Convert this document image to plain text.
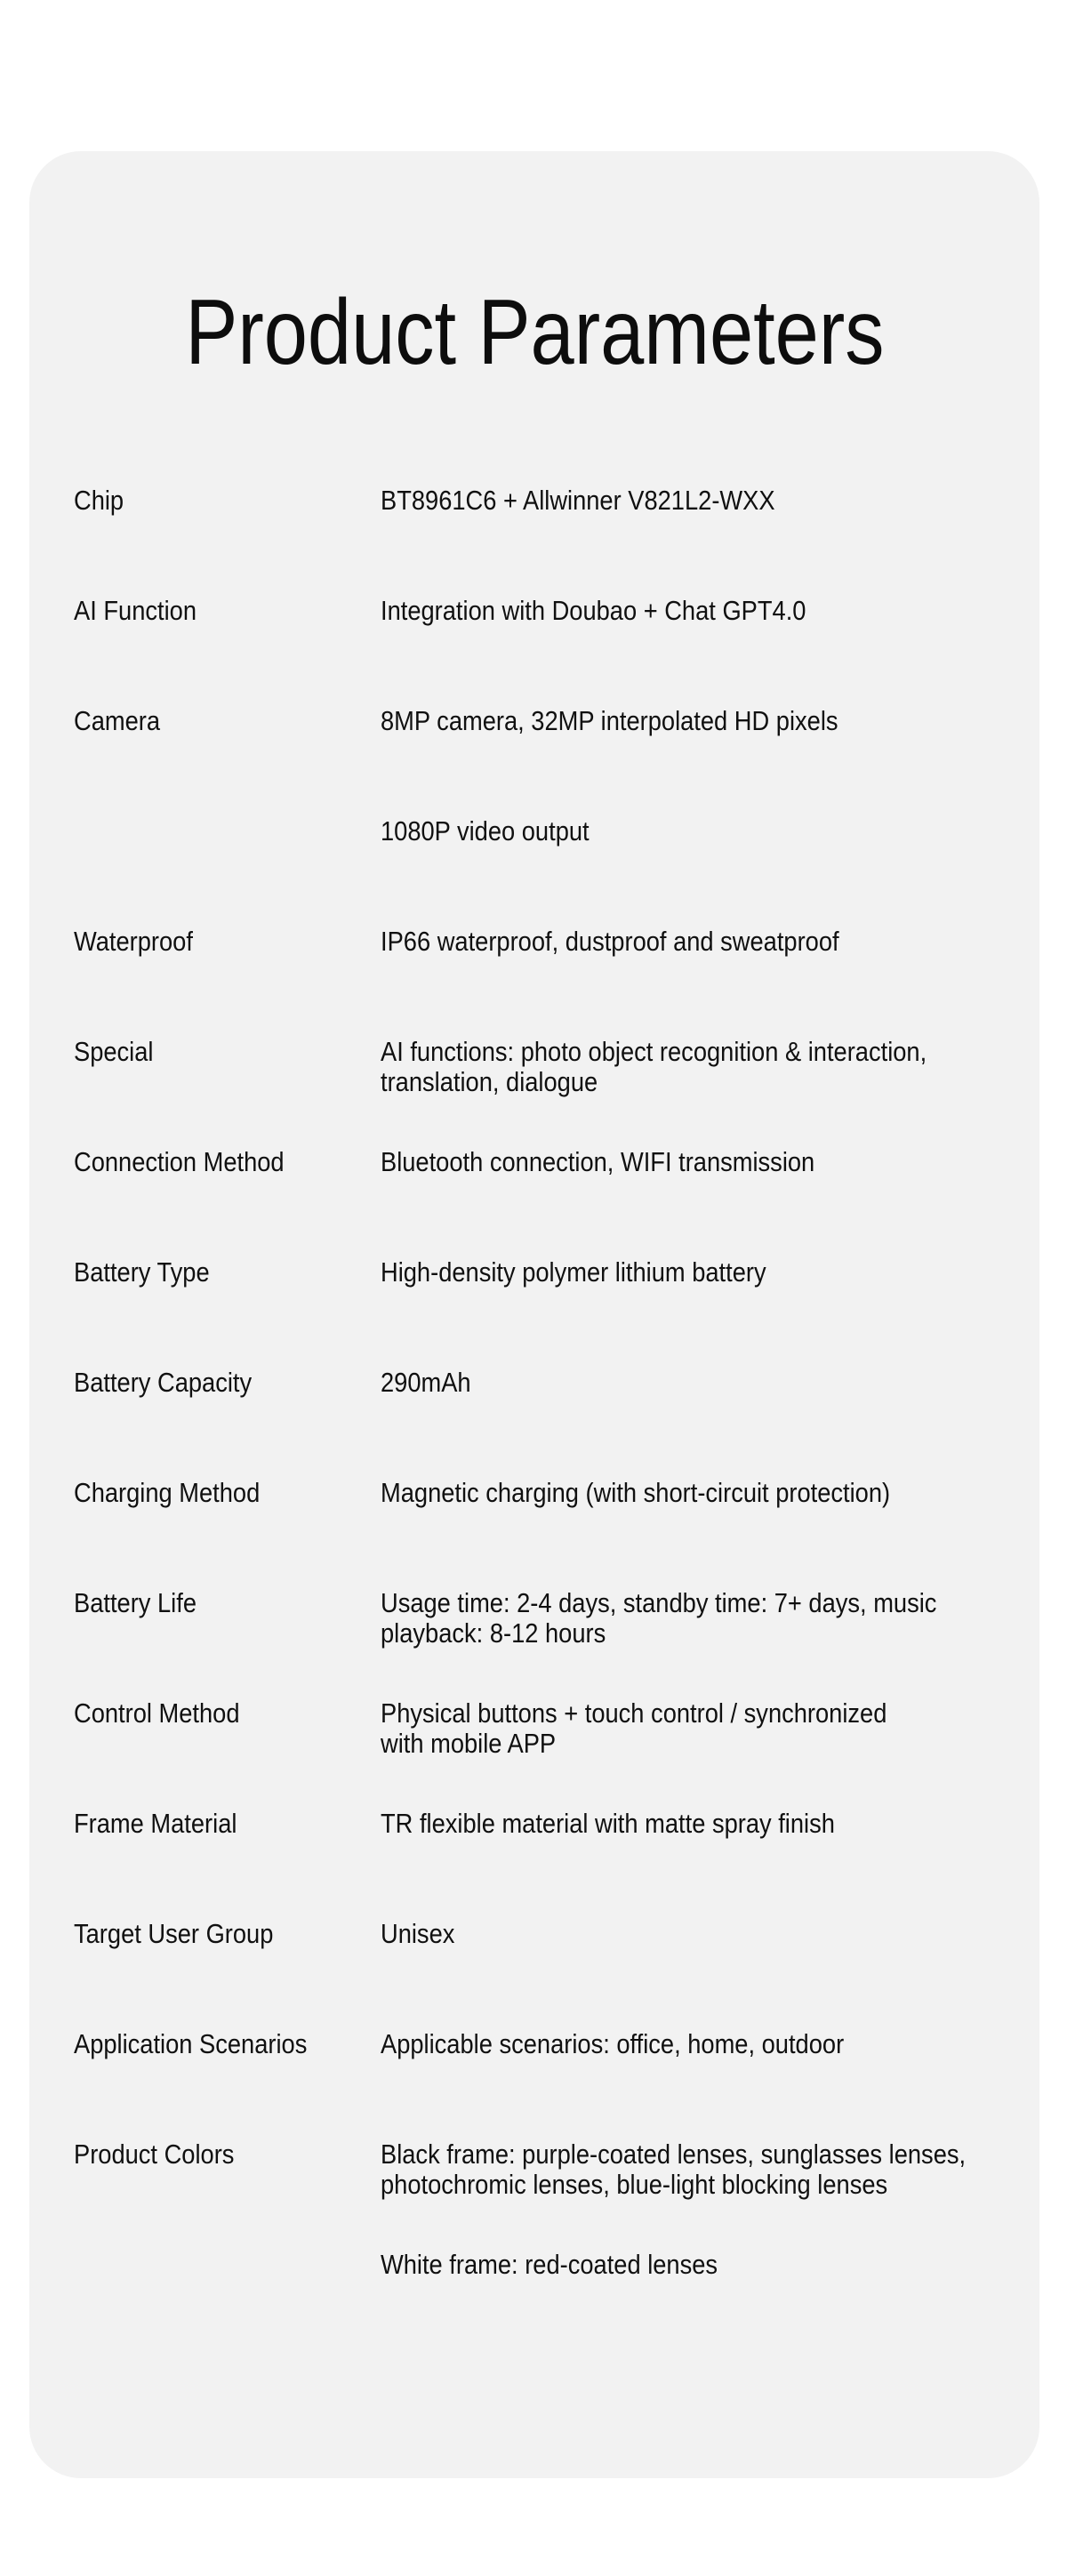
Product Parameters
Chip	BT8961C6 + Allwinner V821L2-WXX
AI Function	Integration with Doubao + Chat GPT4.0
Camera	8MP camera, 32MP interpolated HD pixels
1080P video output
Waterproof	IP66 waterproof, dustproof and sweatproof
Special	AI functions: photo object recognition & interaction,
translation, dialogue
Connection Method	Bluetooth connection, WIFI transmission
Battery Type	High-density polymer lithium battery
Battery Capacity	290mAh
Charging Method	Magnetic charging (with short-circuit protection)
Battery Life	Usage time: 2-4 days, standby time: 7+ days, music
playback: 8-12 hours
Control Method	Physical buttons + touch control / synchronized
with mobile APP
Frame Material	TR flexible material with matte spray finish
Target User Group	Unisex
Application Scenarios	Applicable scenarios: office, home, outdoor
Product Colors	Black frame: purple-coated lenses, sunglasses lenses,
photochromic lenses, blue-light blocking lenses
White frame: red-coated lenses
